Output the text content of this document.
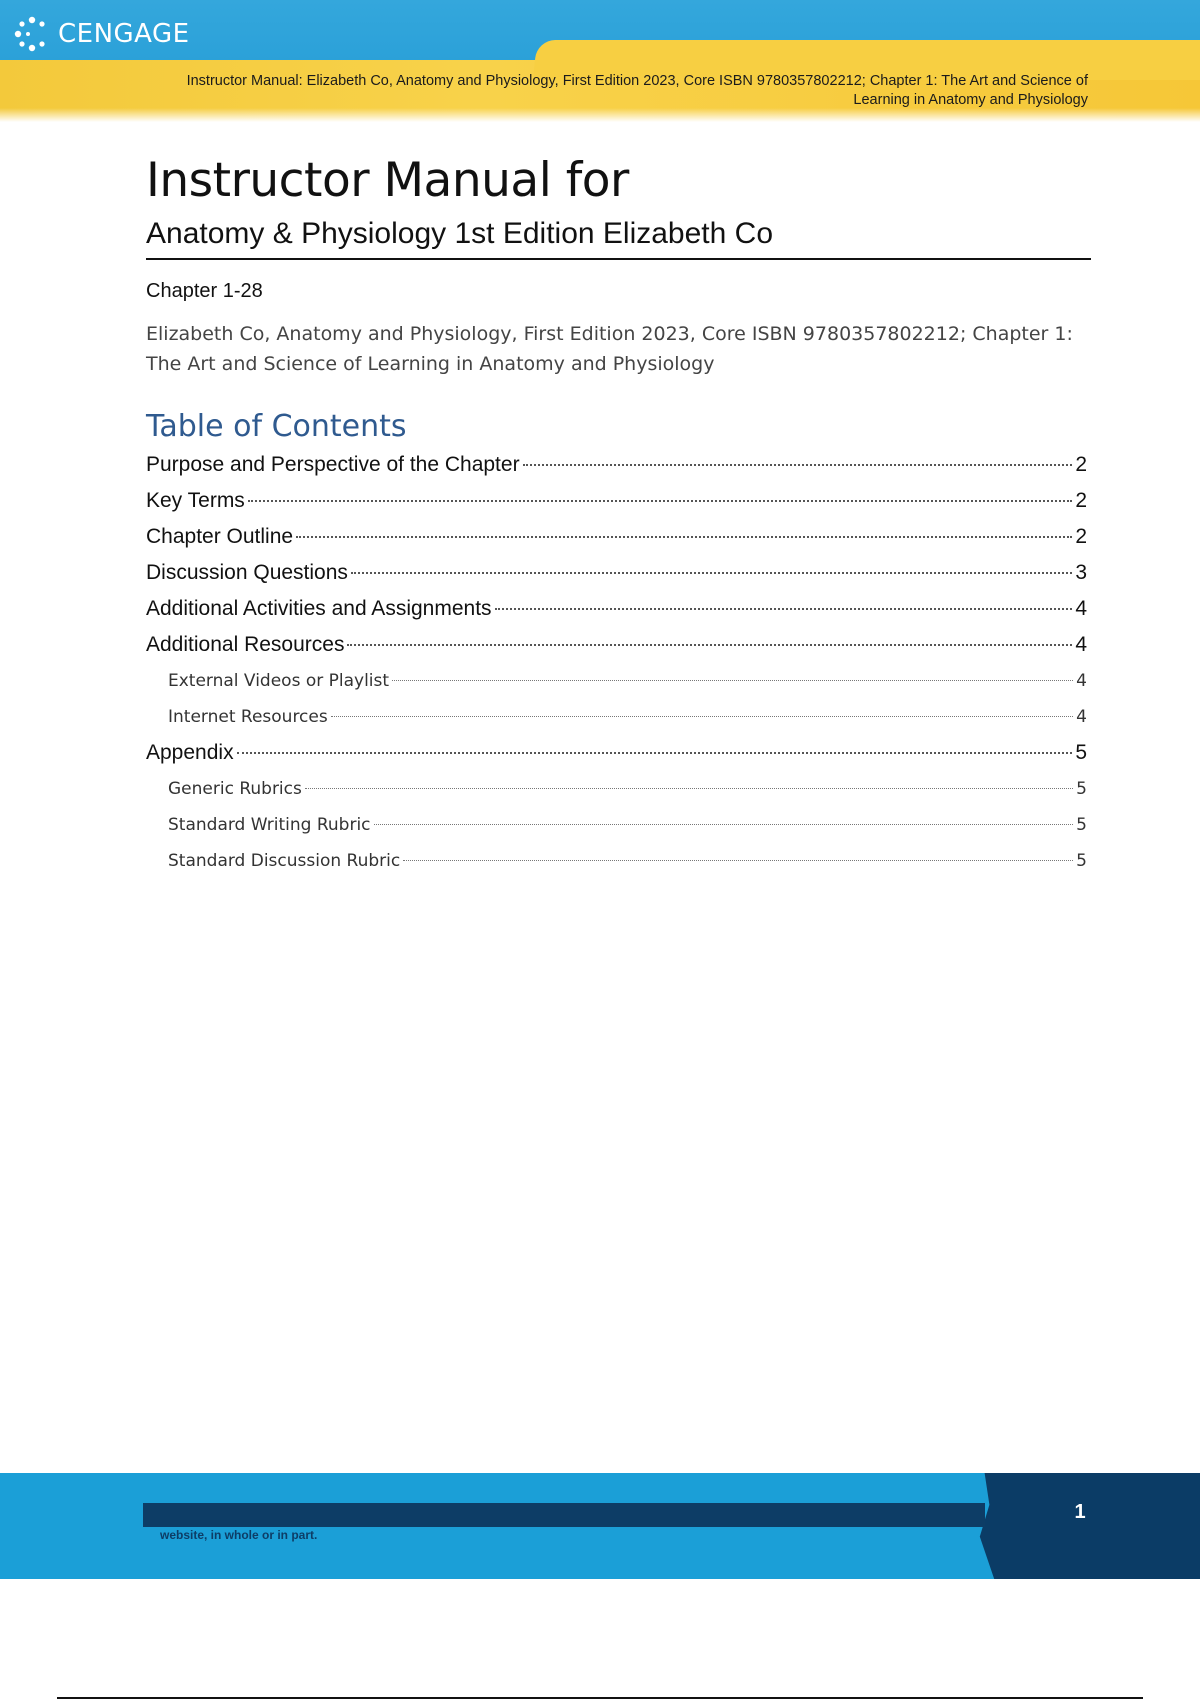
CENGAGE
Instructor Manual: Elizabeth Co, Anatomy and Physiology, First Edition 2023, Core ISBN 9780357802212; Chapter 1: The Art and Science of Learning in Anatomy and Physiology
Instructor Manual for
Anatomy & Physiology 1st Edition Elizabeth Co
Chapter 1-28
Elizabeth Co, Anatomy and Physiology, First Edition 2023, Core ISBN 9780357802212; Chapter 1: The Art and Science of Learning in Anatomy and Physiology
Table of Contents
Purpose and Perspective of the Chapter	2
Key Terms	2
Chapter Outline	2
Discussion Questions	3
Additional Activities and Assignments	4
Additional Resources	4
External Videos or Playlist	4
Internet Resources	4
Appendix	5
Generic Rubrics	5
Standard Writing Rubric	5
Standard Discussion Rubric	5
website, in whole or in part.
1
